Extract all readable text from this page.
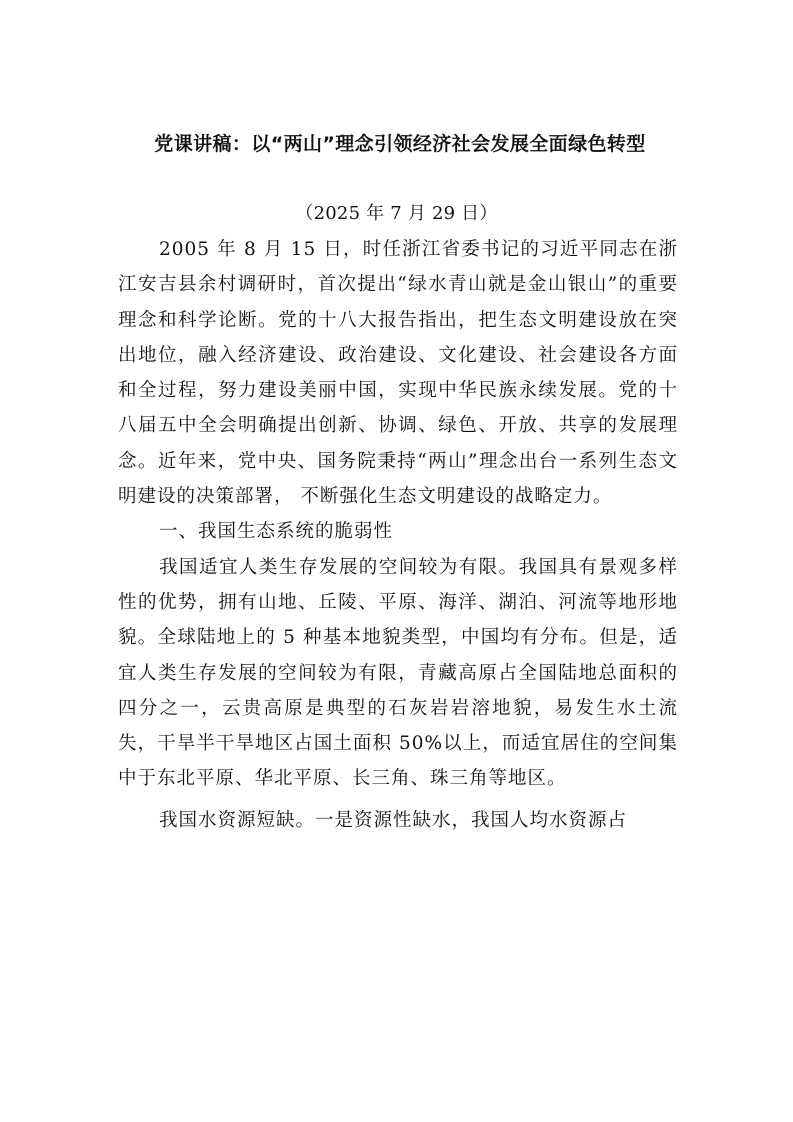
党课讲稿：以“两山”理念引领经济社会发展全面绿色转型
（2025 年 7 月 29 日）

2005 年 8 月 15 日，时任浙江省委书记的习近平同志在浙江安吉县余村调研时，首次提出“绿水青山就是金山银山”的重要理念和科学论断。党的十八大报告指出，把生态文明建设放在突出地位，融入经济建设、政治建设、文化建设、社会建设各方面和全过程，努力建设美丽中国，实现中华民族永续发展。党的十八届五中全会明确提出创新、协调、绿色、开放、共享的发展理念。近年来，党中央、国务院秉持“两山”理念出台一系列生态文明建设的决策部署， 不断强化生态文明建设的战略定力。

一、我国生态系统的脆弱性

我国适宜人类生存发展的空间较为有限。我国具有景观多样性的优势，拥有山地、丘陵、平原、海洋、湖泊、河流等地形地貌。全球陆地上的 5 种基本地貌类型，中国均有分布。但是，适宜人类生存发展的空间较为有限，青藏高原占全国陆地总面积的四分之一，云贵高原是典型的石灰岩岩溶地貌，易发生水土流失，干旱半干旱地区占国土面积 50%以上，而适宜居住的空间集中于东北平原、华北平原、长三角、珠三角等地区。

我国水资源短缺。一是资源性缺水，我国人均水资源占
